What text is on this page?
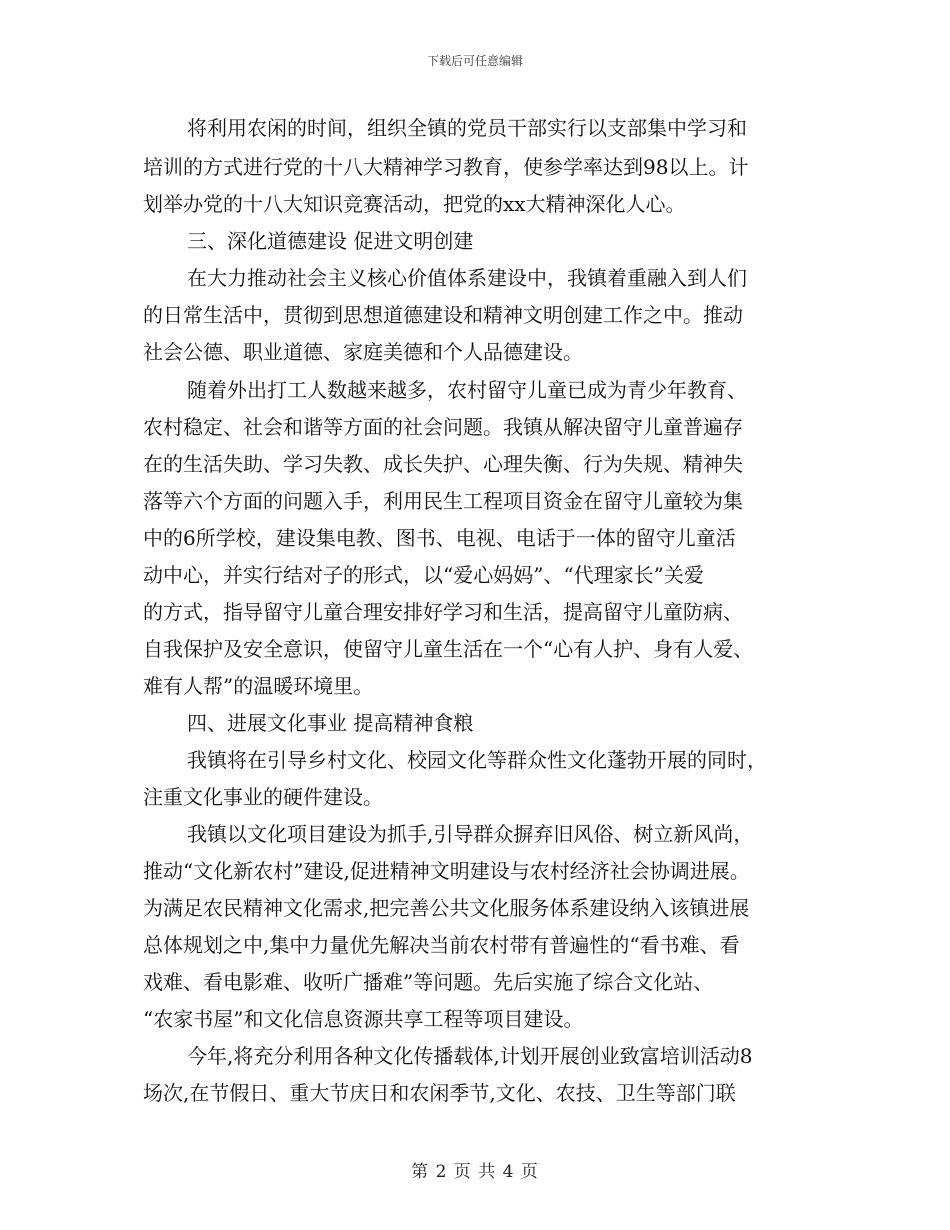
下载后可任意编辑
将利用农闲的时间，组织全镇的党员干部实行以支部集中学习和
培训的方式进行党的十八大精神学习教育，使参学率达到98以上。计
划举办党的十八大知识竞赛活动，把党的xx大精神深化人心。
三、深化道德建设 促进文明创建
在大力推动社会主义核心价值体系建设中，我镇着重融入到人们
的日常生活中，贯彻到思想道德建设和精神文明创建工作之中。推动
社会公德、职业道德、家庭美德和个人品德建设。
随着外出打工人数越来越多，农村留守儿童已成为青少年教育、
农村稳定、社会和谐等方面的社会问题。我镇从解决留守儿童普遍存
在的生活失助、学习失教、成长失护、心理失衡、行为失规、精神失
落等六个方面的问题入手，利用民生工程项目资金在留守儿童较为集
中的6所学校，建设集电教、图书、电视、电话于一体的留守儿童活
动中心，并实行结对子的形式，以“爱心妈妈”、“代理家长”关爱
的方式，指导留守儿童合理安排好学习和生活，提高留守儿童防病、
自我保护及安全意识，使留守儿童生活在一个“心有人护、身有人爱、
难有人帮”的温暖环境里。
四、进展文化事业 提高精神食粮
我镇将在引导乡村文化、校园文化等群众性文化蓬勃开展的同时，
注重文化事业的硬件建设。
我镇以文化项目建设为抓手,引导群众摒弃旧风俗、树立新风尚，
推动“文化新农村”建设,促进精神文明建设与农村经济社会协调进展。
为满足农民精神文化需求,把完善公共文化服务体系建设纳入该镇进展
总体规划之中,集中力量优先解决当前农村带有普遍性的“看书难、看
戏难、看电影难、收听广播难”等问题。先后实施了综合文化站、
“农家书屋”和文化信息资源共享工程等项目建设。
今年,将充分利用各种文化传播载体,计划开展创业致富培训活动8
场次,在节假日、重大节庆日和农闲季节,文化、农技、卫生等部门联
第 2 页 共 4 页
